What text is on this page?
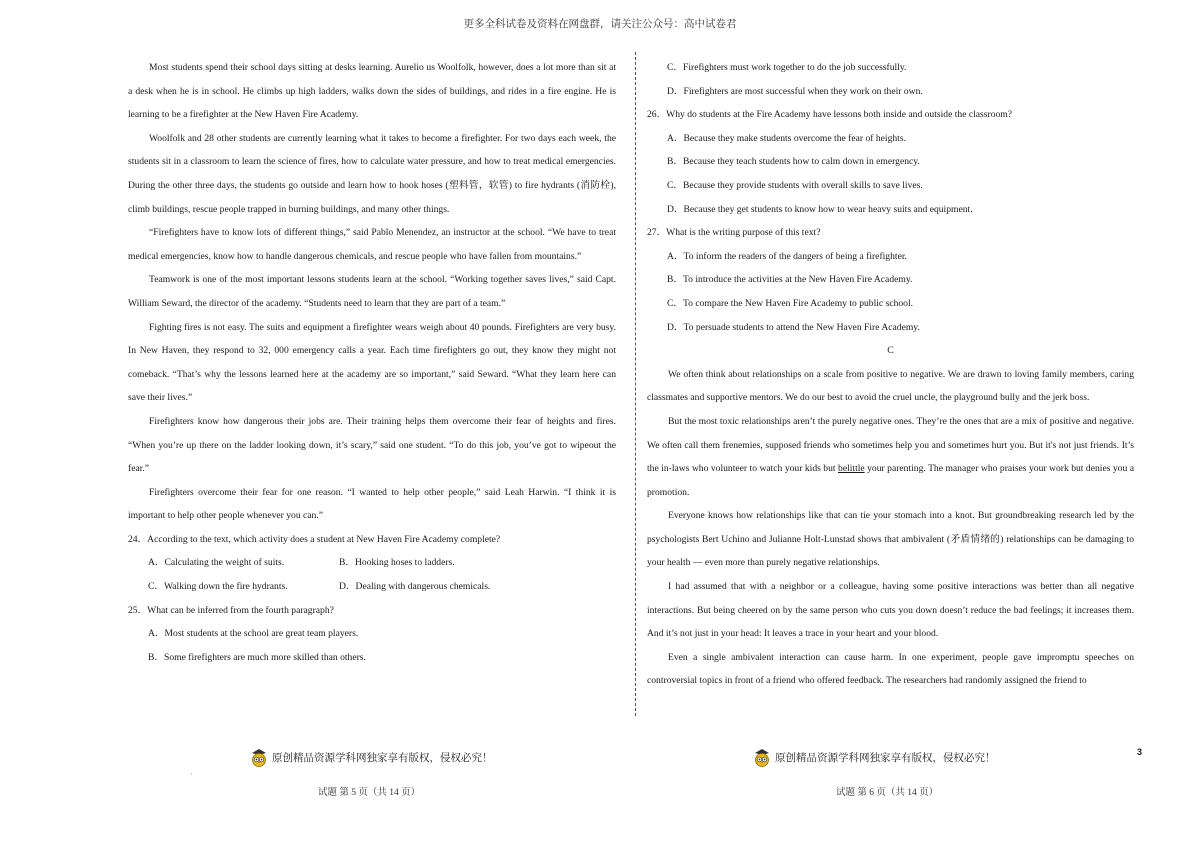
更多全科试卷及资料在网盘群，请关注公众号：高中试卷君

Most students spend their school days sitting at desks learning. Aurelio us Woolfolk, however, does a lot more than sit at a desk when he is in school. He climbs up high ladders, walks down the sides of buildings, and rides in a fire engine. He is learning to be a firefighter at the New Haven Fire Academy.

Woolfolk and 28 other students are currently learning what it takes to become a firefighter. For two days each week, the students sit in a classroom to learn the science of fires, how to calculate water pressure, and how to treat medical emergencies. During the other three days, the students go outside and learn how to hook hoses (塑料管，软管) to fire hydrants (消防栓), climb buildings, rescue people trapped in burning buildings, and many other things.

“Firefighters have to know lots of different things,” said Pablo Menendez, an instructor at the school. “We have to treat medical emergencies, know how to handle dangerous chemicals, and rescue people who have fallen from mountains.”

Teamwork is one of the most important lessons students learn at the school. “Working together saves lives,” said Capt. William Seward, the director of the academy. “Students need to learn that they are part of a team.”

Fighting fires is not easy. The suits and equipment a firefighter wears weigh about 40 pounds. Firefighters are very busy. In New Haven, they respond to 32, 000 emergency calls a year. Each time firefighters go out, they know they might not comeback. “That’s why the lessons learned here at the academy are so important,” said Seward. “What they learn here can save their lives.”

Firefighters know how dangerous their jobs are. Their training helps them overcome their fear of heights and fires. “When you’re up there on the ladder looking down, it’s scary,” said one student. “To do this job, you’ve got to wipeout the fear.”

Firefighters overcome their fear for one reason. “I wanted to help other people,” said Leah Harwin. “I think it is important to help other people whenever you can.”

24．According to the text, which activity does a student at New Haven Fire Academy complete?

A．Calculating the weight of suits.	B．Hooking hoses to ladders.
C．Walking down the fire hydrants.	D．Dealing with dangerous chemicals.

25．What can be inferred from the fourth paragraph?

A．Most students at the school are great team players.

B．Some firefighters are much more skilled than others.

C．Firefighters must work together to do the job successfully.

D．Firefighters are most successful when they work on their own.

26．Why do students at the Fire Academy have lessons both inside and outside the classroom?

A．Because they make students overcome the fear of heights.

B．Because they teach students how to calm down in emergency.

C．Because they provide students with overall skills to save lives.

D．Because they get students to know how to wear heavy suits and equipment.

27．What is the writing purpose of this text?

A．To inform the readers of the dangers of being a firefighter.

B．To introduce the activities at the New Haven Fire Academy.

C．To compare the New Haven Fire Academy to public school.

D．To persuade students to attend the New Haven Fire Academy.

C

We often think about relationships on a scale from positive to negative. We are drawn to loving family members, caring classmates and supportive mentors. We do our best to avoid the cruel uncle, the playground bully and the jerk boss.

But the most toxic relationships aren’t the purely negative ones. They’re the ones that are a mix of positive and negative. We often call them frenemies, supposed friends who sometimes help you and sometimes hurt you. But it's not just friends. It’s the in-laws who volunteer to watch your kids but belittle your parenting. The manager who praises your work but denies you a promotion.

Everyone knows how relationships like that can tie your stomach into a knot. But groundbreaking research led by the psychologists Bert Uchino and Julianne Holt-Lunstad shows that ambivalent (矛盾情绪的) relationships can be damaging to your health — even more than purely negative relationships.

I had assumed that with a neighbor or a colleague, having some positive interactions was better than all negative interactions. But being cheered on by the same person who cuts you down doesn’t reduce the bad feelings; it increases them. And it’s not just in your head: It leaves a trace in your heart and your blood.

Even a single ambivalent interaction can cause harm. In one experiment, people gave impromptu speeches on controversial topics in front of a friend who offered feedback. The researchers had randomly assigned the friend to

原创精品资源学科网独家享有版权，侵权必究！	原创精品资源学科网独家享有版权，侵权必究！
3
'
试题 第 5 页（共 14 页）	试题 第 6 页（共 14 页）
